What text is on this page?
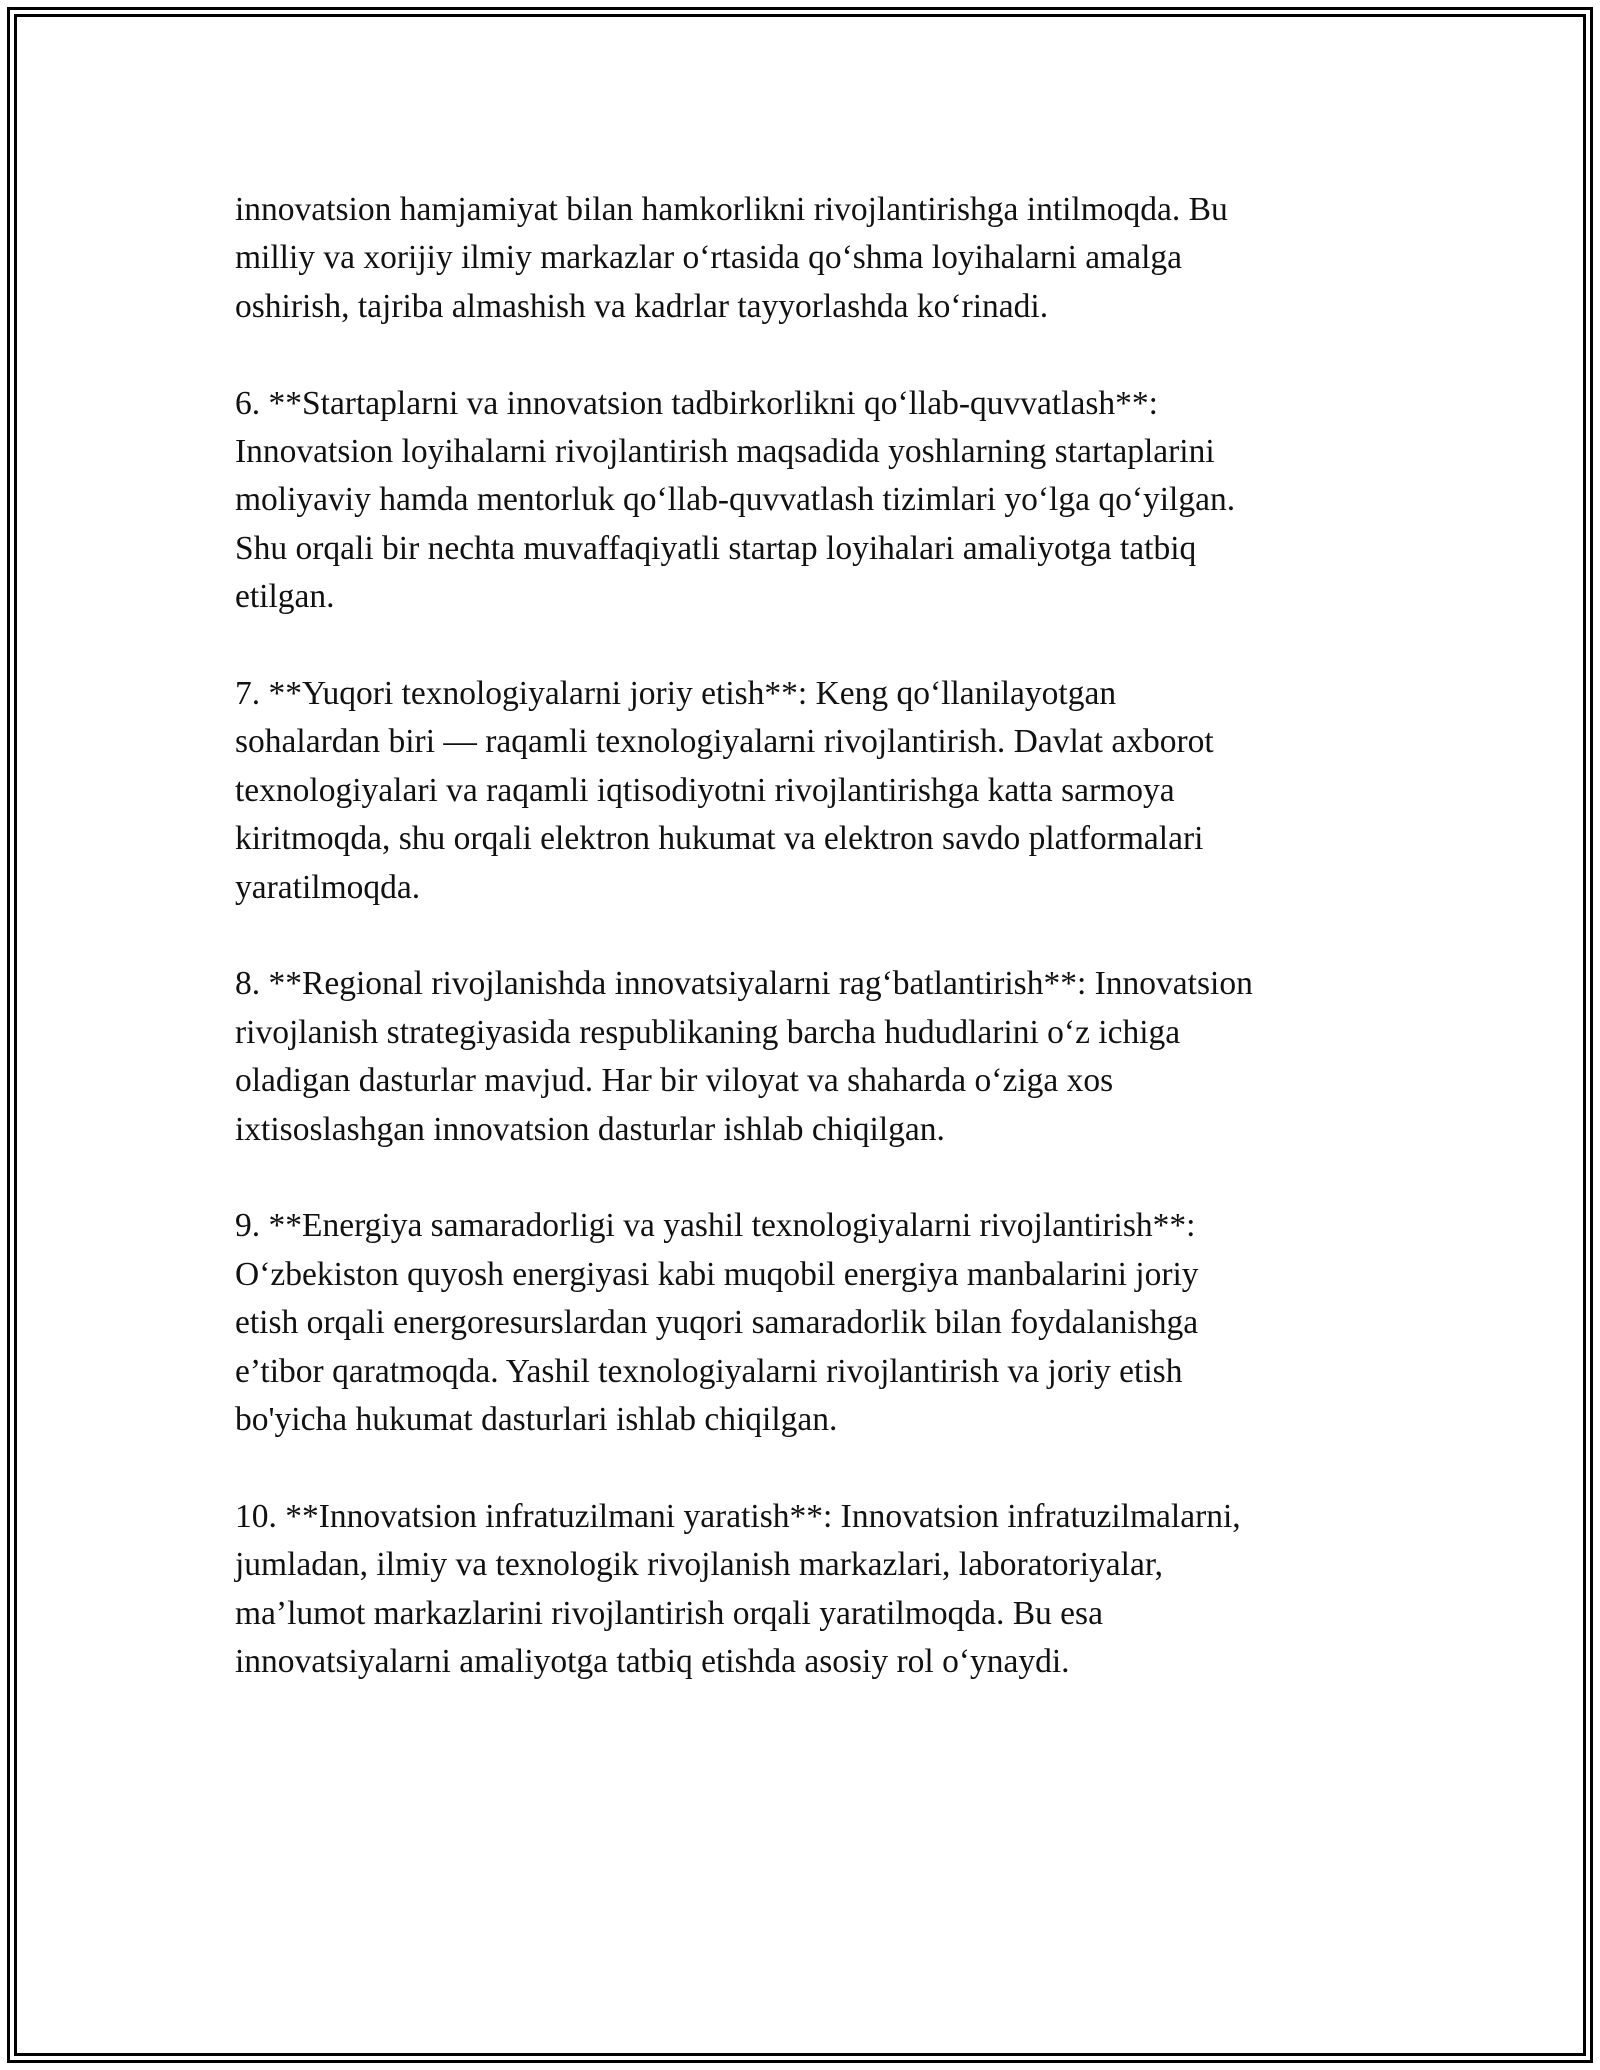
innovatsion hamjamiyat bilan hamkorlikni rivojlantirishga intilmoqda. Bu
milliy va xorijiy ilmiy markazlar oʻrtasida qoʻshma loyihalarni amalga
oshirish, tajriba almashish va kadrlar tayyorlashda koʻrinadi.

6. **Startaplarni va innovatsion tadbirkorlikni qoʻllab-quvvatlash**:
Innovatsion loyihalarni rivojlantirish maqsadida yoshlarning startaplarini
moliyaviy hamda mentorluk qoʻllab-quvvatlash tizimlari yoʻlga qoʻyilgan.
Shu orqali bir nechta muvaffaqiyatli startap loyihalari amaliyotga tatbiq
etilgan.

7. **Yuqori texnologiyalarni joriy etish**: Keng qoʻllanilayotgan
sohalardan biri — raqamli texnologiyalarni rivojlantirish. Davlat axborot
texnologiyalari va raqamli iqtisodiyotni rivojlantirishga katta sarmoya
kiritmoqda, shu orqali elektron hukumat va elektron savdo platformalari
yaratilmoqda.

8. **Regional rivojlanishda innovatsiyalarni ragʻbatlantirish**: Innovatsion
rivojlanish strategiyasida respublikaning barcha hududlarini oʻz ichiga
oladigan dasturlar mavjud. Har bir viloyat va shaharda oʻziga xos
ixtisoslashgan innovatsion dasturlar ishlab chiqilgan.

9. **Energiya samaradorligi va yashil texnologiyalarni rivojlantirish**:
Oʻzbekiston quyosh energiyasi kabi muqobil energiya manbalarini joriy
etish orqali energoresurslardan yuqori samaradorlik bilan foydalanishga
e’tibor qaratmoqda. Yashil texnologiyalarni rivojlantirish va joriy etish
bo'yicha hukumat dasturlari ishlab chiqilgan.

10. **Innovatsion infratuzilmani yaratish**: Innovatsion infratuzilmalarni,
jumladan, ilmiy va texnologik rivojlanish markazlari, laboratoriyalar,
ma’lumot markazlarini rivojlantirish orqali yaratilmoqda. Bu esa
innovatsiyalarni amaliyotga tatbiq etishda asosiy rol oʻynaydi.
